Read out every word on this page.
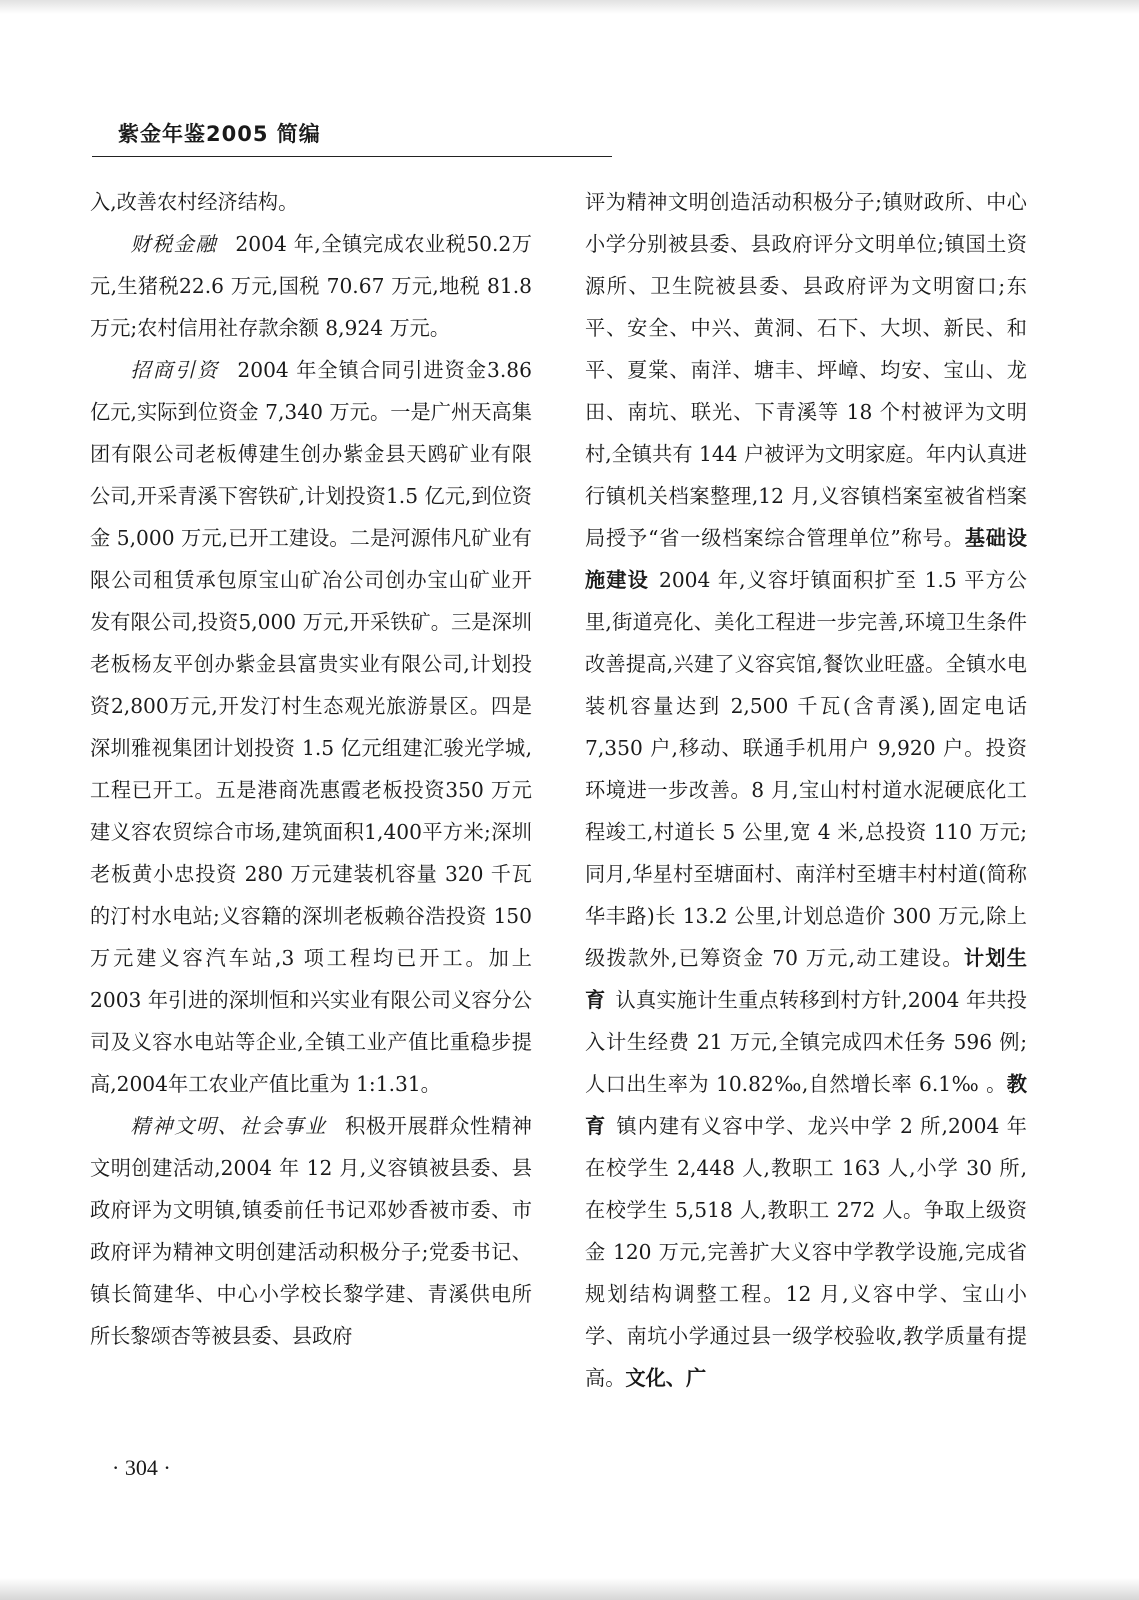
紫金年鉴2005 简编

入,改善农村经济结构。

财税金融 2004 年,全镇完成农业税50.2万元,生猪税22.6 万元,国税 70.67 万元,地税 81.8 万元;农村信用社存款余额 8,924 万元。

招商引资 2004 年全镇合同引进资金3.86亿元,实际到位资金 7,340 万元。一是广州天高集团有限公司老板傅建生创办紫金县天鸥矿业有限公司,开采青溪下窖铁矿,计划投资1.5 亿元,到位资金 5,000 万元,已开工建设。二是河源伟凡矿业有限公司租赁承包原宝山矿冶公司创办宝山矿业开发有限公司,投资5,000 万元,开采铁矿。三是深圳老板杨友平创办紫金县富贵实业有限公司,计划投资2,800万元,开发汀村生态观光旅游景区。四是深圳雅视集团计划投资 1.5 亿元组建汇骏光学城,工程已开工。五是港商冼惠霞老板投资350 万元建义容农贸综合市场,建筑面积1,400平方米;深圳老板黄小忠投资 280 万元建装机容量 320 千瓦的汀村水电站;义容籍的深圳老板赖谷浩投资 150 万元建义容汽车站,3 项工程均已开工。加上 2003 年引进的深圳恒和兴实业有限公司义容分公司及义容水电站等企业,全镇工业产值比重稳步提高,2004年工农业产值比重为 1:1.31。

精神文明、社会事业 积极开展群众性精神文明创建活动,2004 年 12 月,义容镇被县委、县政府评为文明镇,镇委前任书记邓妙香被市委、市政府评为精神文明创建活动积极分子;党委书记、镇长简建华、中心小学校长黎学建、青溪供电所所长黎颂杏等被县委、县政府

评为精神文明创造活动积极分子;镇财政所、中心小学分别被县委、县政府评分文明单位;镇国土资源所、卫生院被县委、县政府评为文明窗口;东平、安全、中兴、黄洞、石下、大坝、新民、和平、夏棠、南洋、塘丰、坪嶂、均安、宝山、龙田、南坑、联光、下青溪等 18 个村被评为文明村,全镇共有 144 户被评为文明家庭。年内认真进行镇机关档案整理,12 月,义容镇档案室被省档案局授予“省一级档案综合管理单位”称号。基础设施建设 2004 年,义容圩镇面积扩至 1.5 平方公里,街道亮化、美化工程进一步完善,环境卫生条件改善提高,兴建了义容宾馆,餐饮业旺盛。全镇水电装机容量达到 2,500 千瓦(含青溪),固定电话 7,350 户,移动、联通手机用户 9,920 户。投资环境进一步改善。8 月,宝山村村道水泥硬底化工程竣工,村道长 5 公里,宽 4 米,总投资 110 万元;同月,华星村至塘面村、南洋村至塘丰村村道(简称华丰路)长 13.2 公里,计划总造价 300 万元,除上级拨款外,已筹资金 70 万元,动工建设。计划生育 认真实施计生重点转移到村方针,2004 年共投入计生经费 21 万元,全镇完成四术任务 596 例;人口出生率为 10.82‰,自然增长率 6.1‰ 。教育 镇内建有义容中学、龙兴中学 2 所,2004 年在校学生 2,448 人,教职工 163 人,小学 30 所,在校学生 5,518 人,教职工 272 人。争取上级资金 120 万元,完善扩大义容中学教学设施,完成省规划结构调整工程。12 月,义容中学、宝山小学、南坑小学通过县一级学校验收,教学质量有提高。文化、广

· 304 ·
